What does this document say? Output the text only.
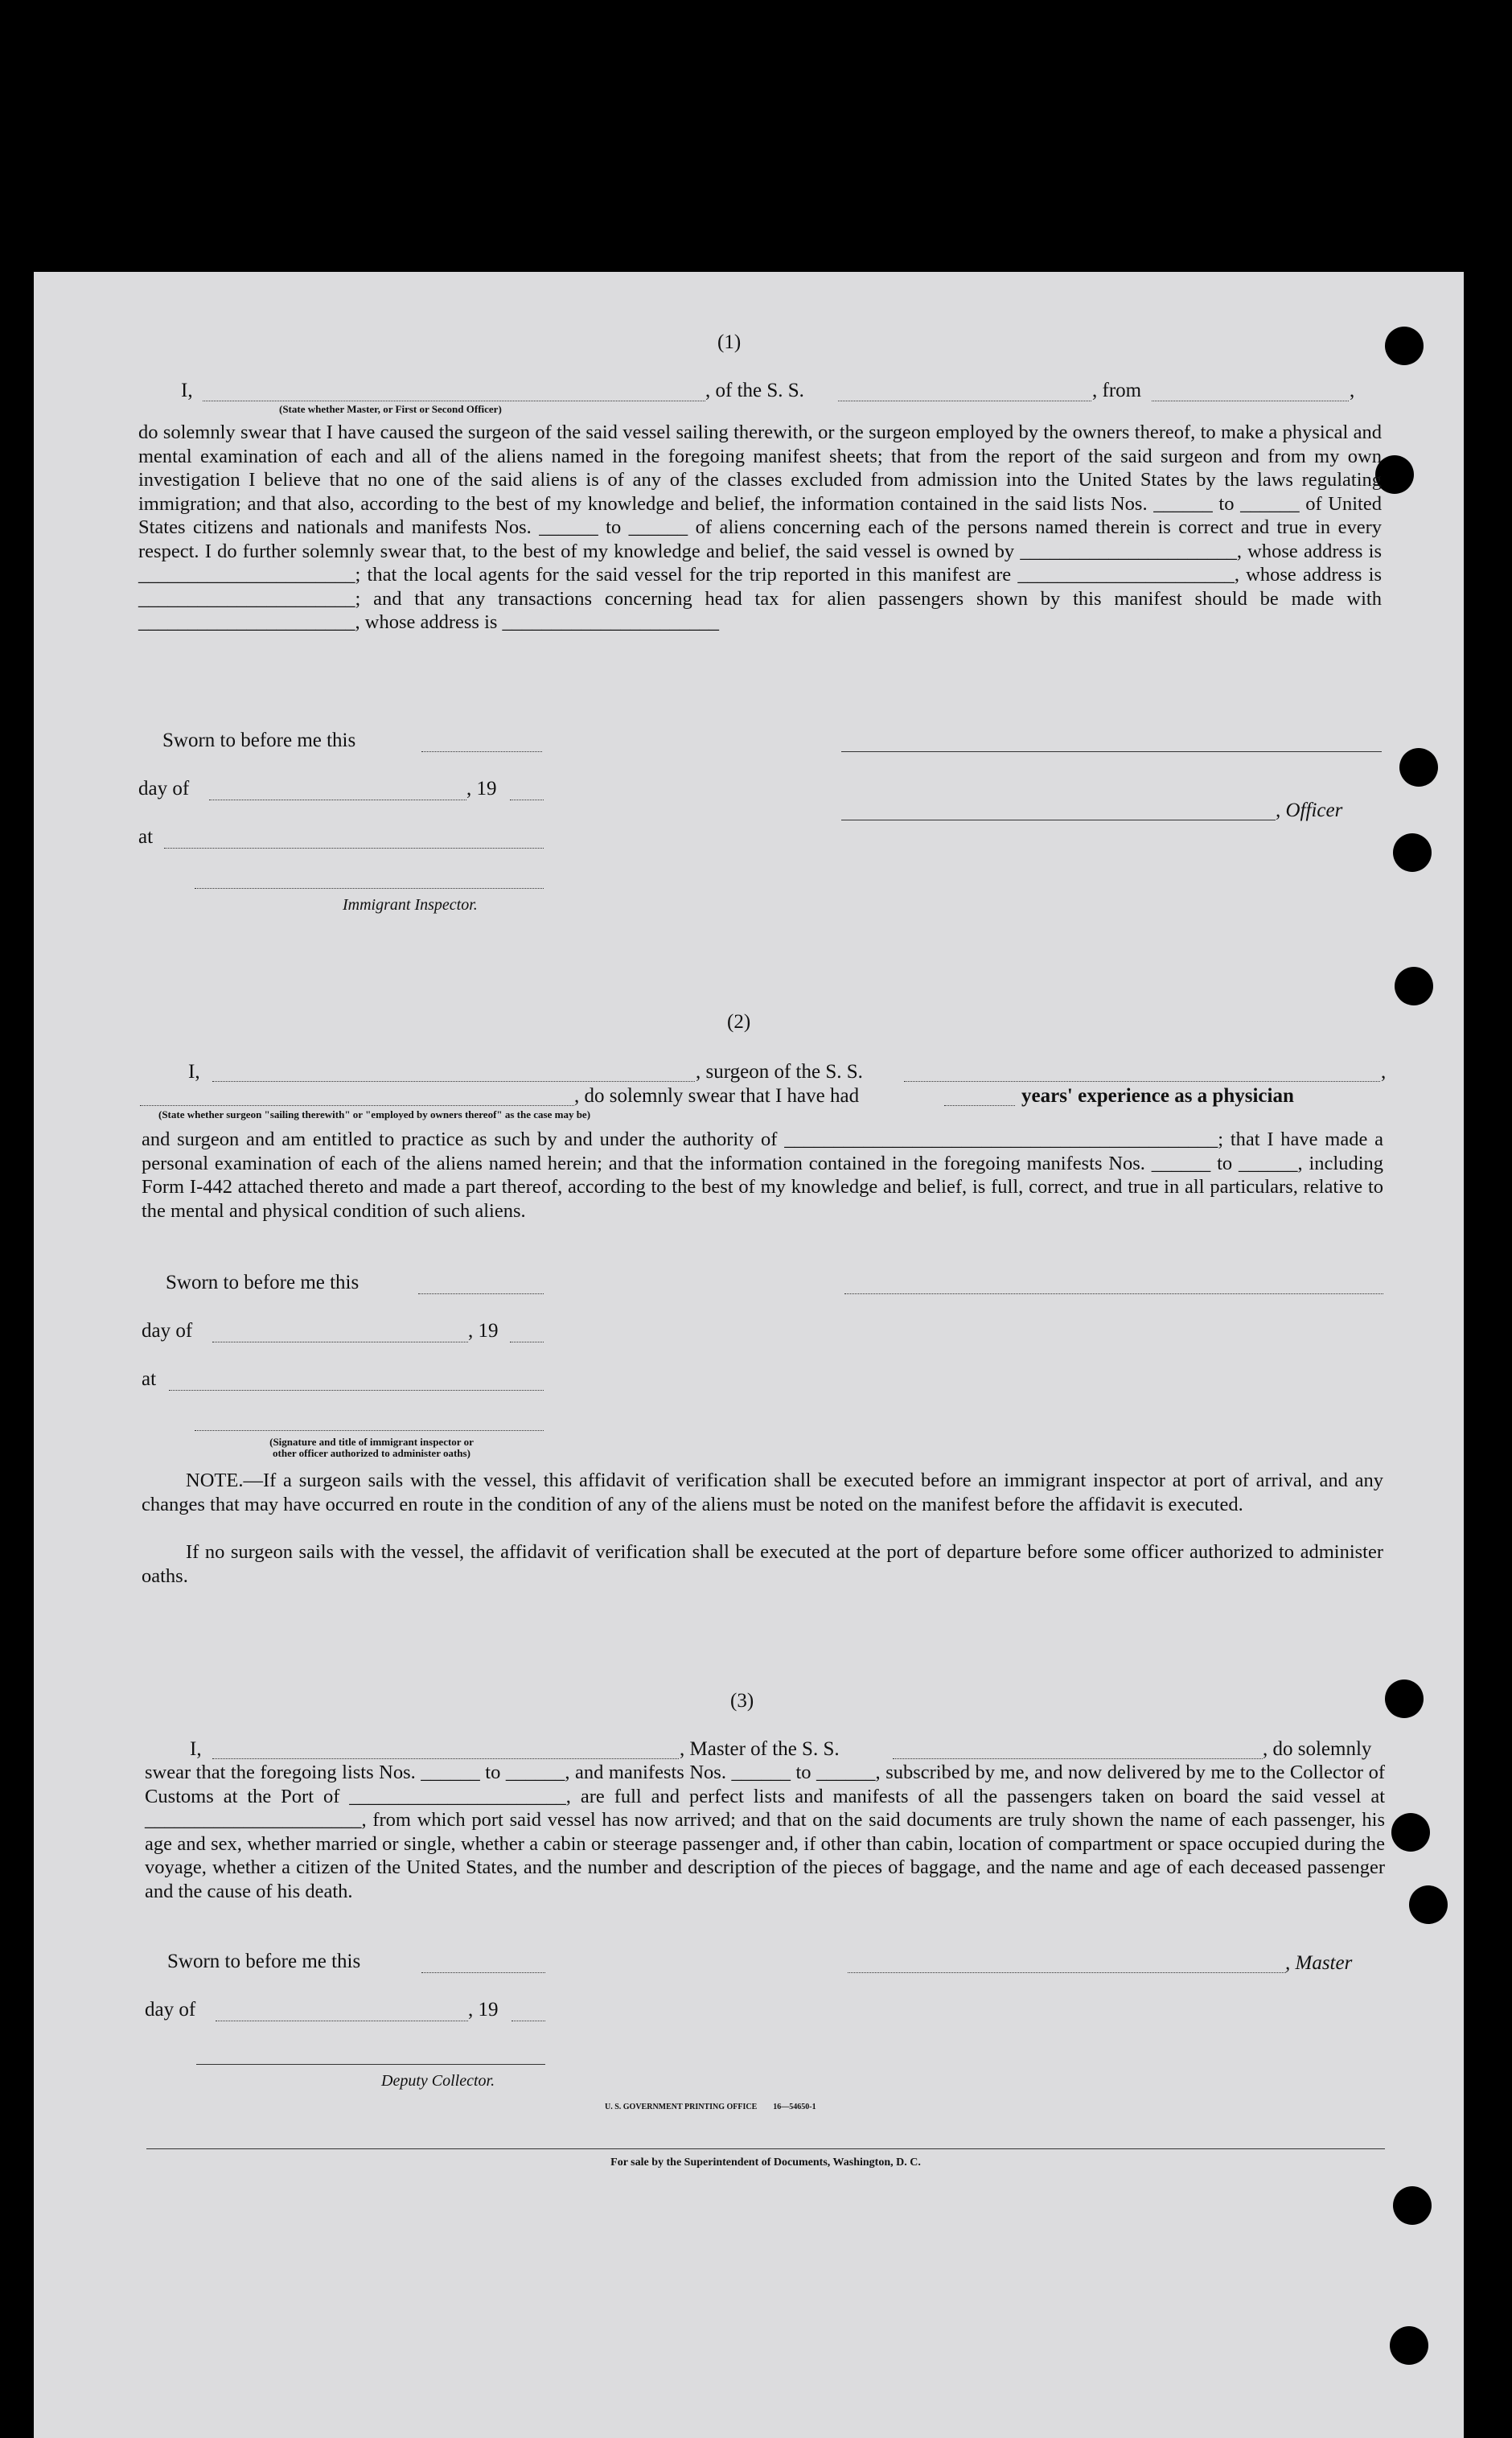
(1)
I,	, of the S. S.	, from	,
(State whether Master, or First or Second Officer)
do solemnly swear that I have caused the surgeon of the said vessel sailing therewith, or the surgeon employed by the owners thereof, to make a physical and mental examination of each and all of the aliens named in the foregoing manifest sheets; that from the report of the said surgeon and from my own investigation I believe that no one of the said aliens is of any of the classes excluded from admission into the United States by the laws regulating immigration; and that also, according to the best of my knowledge and belief, the information contained in the said lists Nos. ______ to ______ of United States citizens and nationals and manifests Nos. ______ to ______ of aliens concerning each of the persons named therein is correct and true in every respect. I do further solemnly swear that, to the best of my knowledge and belief, the said vessel is owned by ______________________, whose address is ______________________; that the local agents for the said vessel for the trip reported in this manifest are ______________________, whose address is ______________________; and that any transactions concerning head tax for alien passengers shown by this manifest should be made with ______________________, whose address is ______________________
Sworn to before me this
day of	, 19
, Officer
at
Immigrant Inspector.
(2)
I,	, surgeon of the S. S.	,
, do solemnly swear that I have had	years' experience as a physician
(State whether surgeon "sailing therewith" or "employed by owners thereof" as the case may be)
and surgeon and am entitled to practice as such by and under the authority of ____________________________________________; that I have made a personal examination of each of the aliens named herein; and that the information contained in the foregoing manifests Nos. ______ to ______, including Form I-442 attached thereto and made a part thereof, according to the best of my knowledge and belief, is full, correct, and true in all particulars, relative to the mental and physical condition of such aliens.
Sworn to before me this
day of	, 19
at
(Signature and title of immigrant inspector or
other officer authorized to administer oaths)
NOTE.—If a surgeon sails with the vessel, this affidavit of verification shall be executed before an immigrant inspector at port of arrival, and any changes that may have occurred en route in the condition of any of the aliens must be noted on the manifest before the affidavit is executed.
If no surgeon sails with the vessel, the affidavit of verification shall be executed at the port of departure before some officer authorized to administer oaths.
(3)
I,	, Master of the S. S.	, do solemnly
swear that the foregoing lists Nos. ______ to ______, and manifests Nos. ______ to ______, subscribed by me, and now delivered by me to the Collector of Customs at the Port of ______________________, are full and perfect lists and manifests of all the passengers taken on board the said vessel at ______________________, from which port said vessel has now arrived; and that on the said documents are truly shown the name of each passenger, his age and sex, whether married or single, whether a cabin or steerage passenger and, if other than cabin, location of compartment or space occupied during the voyage, whether a citizen of the United States, and the number and description of the pieces of baggage, and the name and age of each deceased passenger and the cause of his death.
Sworn to before me this	, Master
day of	, 19
Deputy Collector.
U. S. GOVERNMENT PRINTING OFFICE        16—54650-1
For sale by the Superintendent of Documents, Washington, D. C.
